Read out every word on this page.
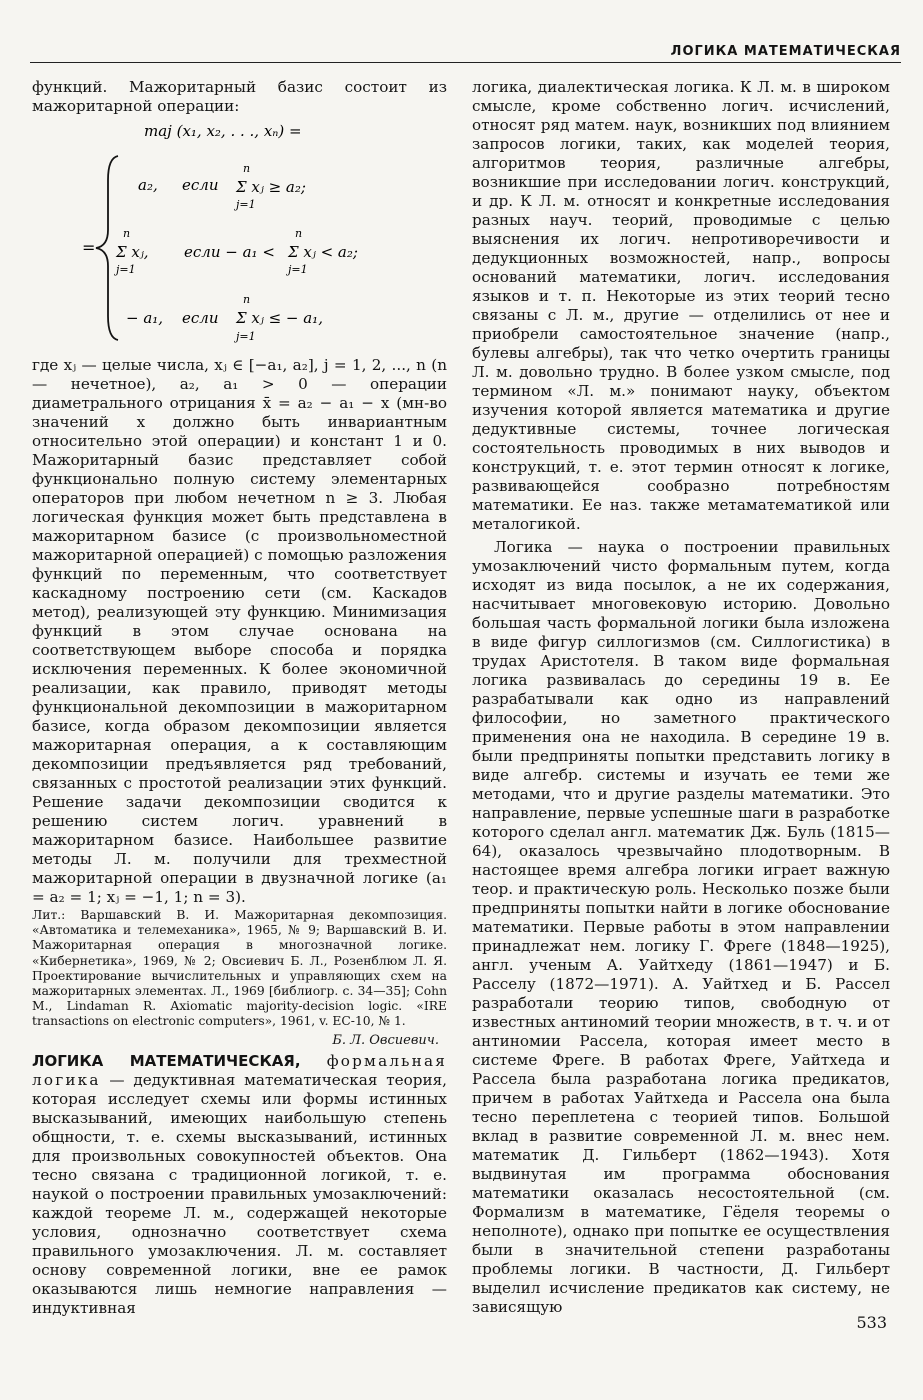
ЛОГИКА МАТЕМАТИЧЕСКАЯ

функций. Мажоритарный базис состоит из мажоритарной операции:

maj (x₁, x₂, . . ., xₙ) =
=
a₂, если
n
j=1
Σ xⱼ ≥ a₂;
n
j=1
Σ xⱼ, если − a₁ <
n
j=1
Σ xⱼ < a₂;
− a₁, если
n
j=1
Σ xⱼ ≤ − a₁,

где xⱼ — целые числа, xⱼ ∈ [−a₁, a₂], j = 1, 2, ..., n (n — нечетное), a₂, a₁ > 0 — операции диаметрального отрицания x̄ = a₂ − a₁ − x (мн-во значений x должно быть инвариантным относительно этой операции) и констант 1 и 0. Мажоритарный базис представляет собой функционально полную систему элементарных операторов при любом нечетном n ≥ 3. Любая логическая функция может быть представлена в мажоритарном базисе (с произвольноместной мажоритарной операцией) с помощью разложения функций по переменным, что соответствует каскадному построению сети (см. Каскадов метод), реализующей эту функцию. Минимизация функций в этом случае основана на соответствующем выборе способа и порядка исключения переменных. К более экономичной реализации, как правило, приводят методы функциональной декомпозиции в мажоритарном базисе, когда образом декомпозиции является мажоритарная операция, а к составляющим декомпозиции предъявляется ряд требований, связанных с простотой реализации этих функций. Решение задачи декомпозиции сводится к решению систем логич. уравнений в мажоритарном базисе. Наибольшее развитие методы Л. м. получили для трехместной мажоритарной операции в двузначной логике (a₁ = a₂ = 1; xⱼ = −1, 1; n = 3).

Лит.: Варшавский В. И. Мажоритарная декомпозиция. «Автоматика и телемеханика», 1965, № 9; Варшавский В. И. Мажоритарная операция в многозначной логике. «Кибернетика», 1969, № 2; Овсиевич Б. Л., Розенблюм Л. Я. Проектирование вычислительных и управляющих схем на мажоритарных элементах. Л., 1969 [библиогр. с. 34—35]; Cohn M., Lindaman R. Axiomatic majority-decision logic. «IRE transactions on electronic computers», 1961, v. EC-10, № 1.

Б. Л. Овсиевич.

ЛОГИКА МАТЕМАТИЧЕСКАЯ, формальная логика — дедуктивная математическая теория, которая исследует схемы или формы истинных высказываний, имеющих наибольшую степень общности, т. е. схемы высказываний, истинных для произвольных совокупностей объектов. Она тесно связана с традиционной логикой, т. е. наукой о построении правильных умозаключений: каждой теореме Л. м., содержащей некоторые условия, однозначно соответствует схема правильного умозаключения. Л. м. составляет основу современной логики, вне ее рамок оказываются лишь немногие направления — индуктивная

логика, диалектическая логика. К Л. м. в широком смысле, кроме собственно логич. исчислений, относят ряд матем. наук, возникших под влиянием запросов логики, таких, как моделей теория, алгоритмов теория, различные алгебры, возникшие при исследовании логич. конструкций, и др. К Л. м. относят и конкретные исследования разных науч. теорий, проводимые с целью выяснения их логич. непротиворечивости и дедукционных возможностей, напр., вопросы оснований математики, логич. исследования языков и т. п. Некоторые из этих теорий тесно связаны с Л. м., другие — отделились от нее и приобрели самостоятельное значение (напр., булевы алгебры), так что четко очертить границы Л. м. довольно трудно. В более узком смысле, под термином «Л. м.» понимают науку, объектом изучения которой является математика и другие дедуктивные системы, точнее логическая состоятельность проводимых в них выводов и конструкций, т. е. этот термин относят к логике, развивающейся сообразно потребностям математики. Ее наз. также метаматематикой или металогикой.

Логика — наука о построении правильных умозаключений чисто формальным путем, когда исходят из вида посылок, а не их содержания, насчитывает многовековую историю. Довольно большая часть формальной логики была изложена в виде фигур силлогизмов (см. Силлогистика) в трудах Аристотеля. В таком виде формальная логика развивалась до середины 19 в. Ее разрабатывали как одно из направлений философии, но заметного практического применения она не находила. В середине 19 в. были предприняты попытки представить логику в виде алгебр. системы и изучать ее теми же методами, что и другие разделы математики. Это направление, первые успешные шаги в разработке которого сделал англ. математик Дж. Буль (1815—64), оказалось чрезвычайно плодотворным. В настоящее время алгебра логики играет важную теор. и практическую роль. Несколько позже были предприняты попытки найти в логике обоснование математики. Первые работы в этом направлении принадлежат нем. логику Г. Фреге (1848—1925), англ. ученым А. Уайтхеду (1861—1947) и Б. Расселу (1872—1971). А. Уайтхед и Б. Рассел разработали теорию типов, свободную от известных антиномий теории множеств, в т. ч. и от антиномии Рассела, которая имеет место в системе Фреге. В работах Фреге, Уайтхеда и Рассела была разработана логика предикатов, причем в работах Уайтхеда и Рассела она была тесно переплетена с теорией типов. Большой вклад в развитие современной Л. м. внес нем. математик Д. Гильберт (1862—1943). Хотя выдвинутая им программа обоснования математики оказалась несостоятельной (см. Формализм в математике, Гёделя теоремы о неполноте), однако при попытке ее осуществления были в значительной степени разработаны проблемы логики. В частности, Д. Гильберт выделил исчисление предикатов как систему, не зависящую

533
